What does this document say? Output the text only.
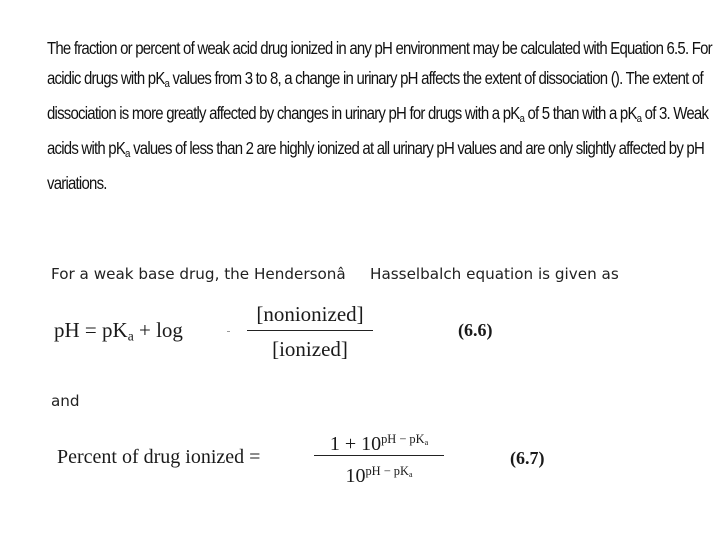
The fraction or percent of weak acid drug ionized in any pH environment may be calculated with Equation 6.5. For
acidic drugs with $pK_a$ values from 3 to 8, a change in urinary pH affects the extent of dissociation (). The extent of
dissociation is more greatly affected by changes in urinary pH for drugs with a $pK_a$ of 5 than with a $pK_a$ of 3. Weak
acids with $pK_a$ values of less than 2 are highly ionized at all urinary pH values and are only slightly affected by pH
variations.
For a weak base drug, the HendersonâHasselbalch equation is given as
pH = $pK_a + \log$
[nonionized]
[ionized]
(6.6)
and
Percent of drug ionized =
$1 + 10^{pH - pK_a}$
$10^{pH - pK_a}$
(6.7)
